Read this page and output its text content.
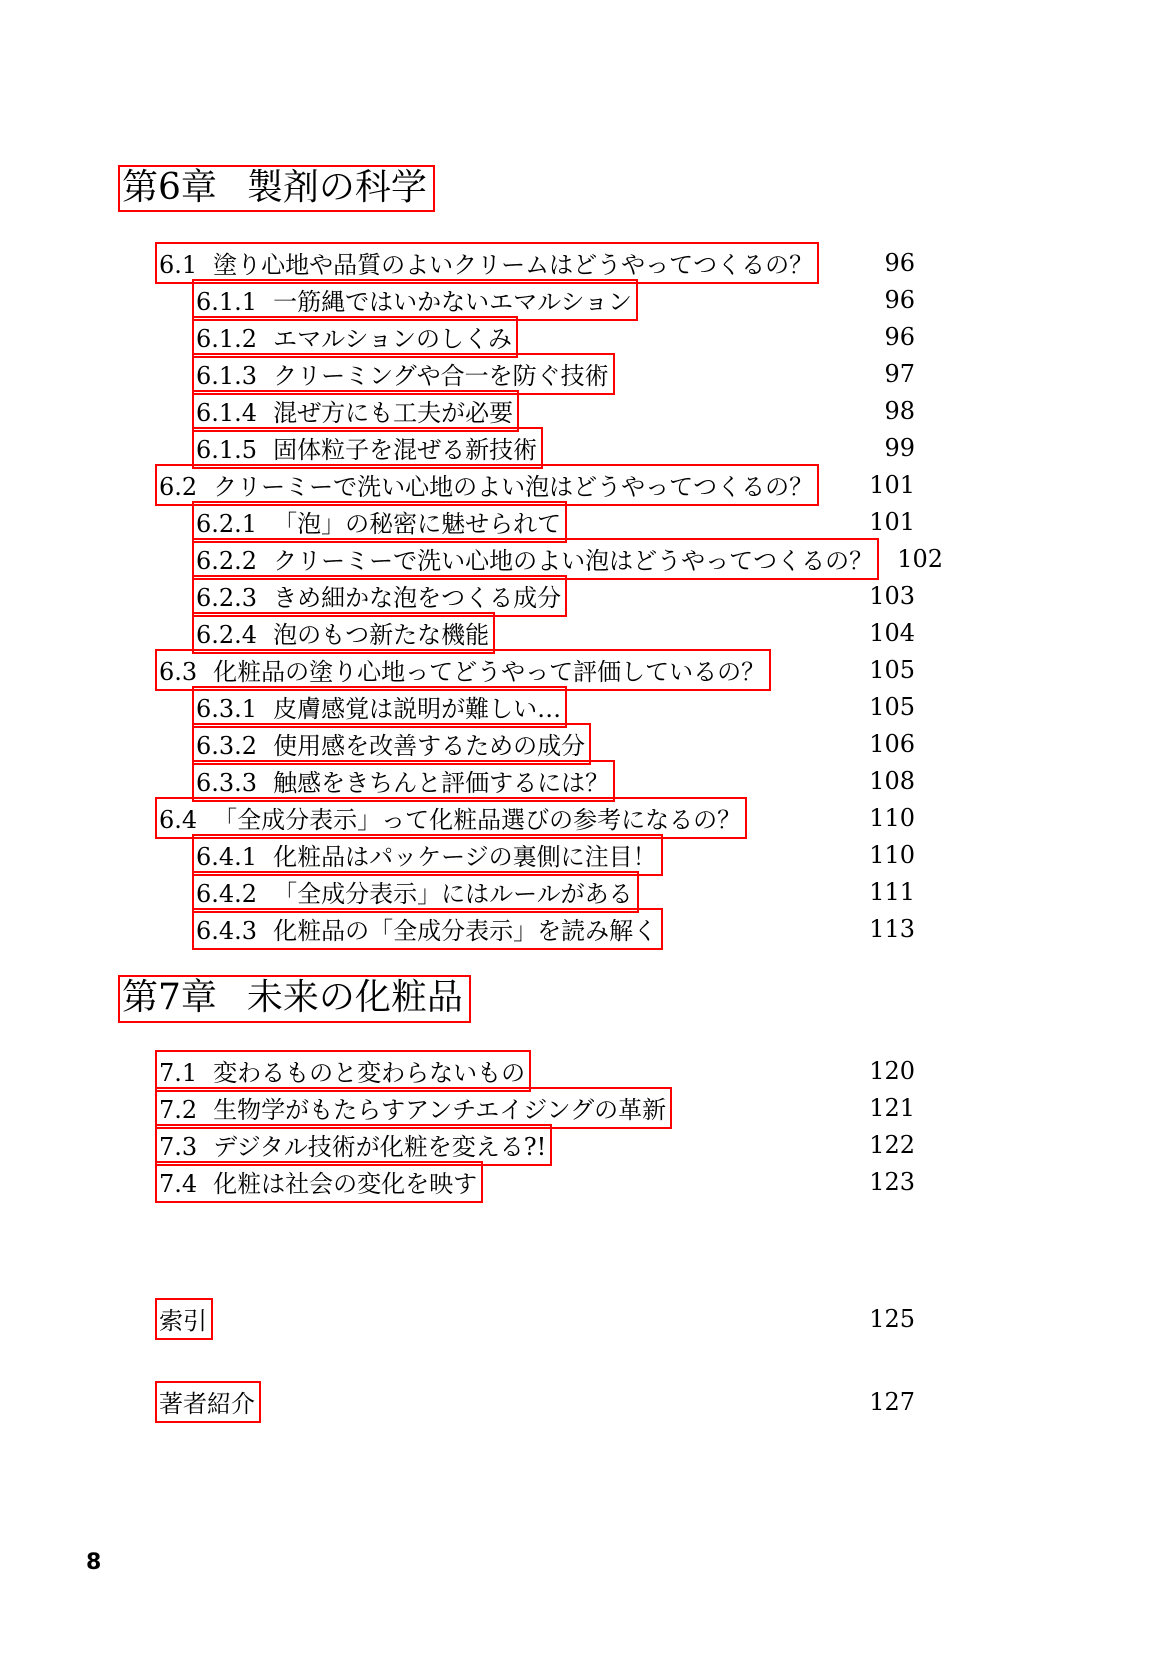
第6章 製剤の科学
6.1 塗り心地や品質のよいクリームはどうやってつくるの？	96
6.1.1 一筋縄ではいかないエマルション	96
6.1.2 エマルションのしくみ	96
6.1.3 クリーミングや合一を防ぐ技術	97
6.1.4 混ぜ方にも工夫が必要	98
6.1.5 固体粒子を混ぜる新技術	99
6.2 クリーミーで洗い心地のよい泡はどうやってつくるの？ 101
6.2.1 「泡」の秘密に魅せられて	101
6.2.2 クリーミーで洗い心地のよい泡はどうやってつくるの？ 102
6.2.3 きめ細かな泡をつくる成分	103
6.2.4 泡のもつ新たな機能	104
6.3 化粧品の塗り心地ってどうやって評価しているの？	105
6.3.1 皮膚感覚は説明が難しい…	105
6.3.2 使用感を改善するための成分	106
6.3.3 触感をきちんと評価するには？	108
6.4 「全成分表示」って化粧品選びの参考になるの？	110
6.4.1 化粧品はパッケージの裏側に注目！	110
6.4.2 「全成分表示」にはルールがある	111
6.4.3 化粧品の「全成分表示」を読み解く	113
第7章 未来の化粧品
7.1 変わるものと変わらないもの	120
7.2 生物学がもたらすアンチエイジングの革新	121
7.3 デジタル技術が化粧を変える?!	122
7.4 化粧は社会の変化を映す	123
索引	125
著者紹介	127
8
